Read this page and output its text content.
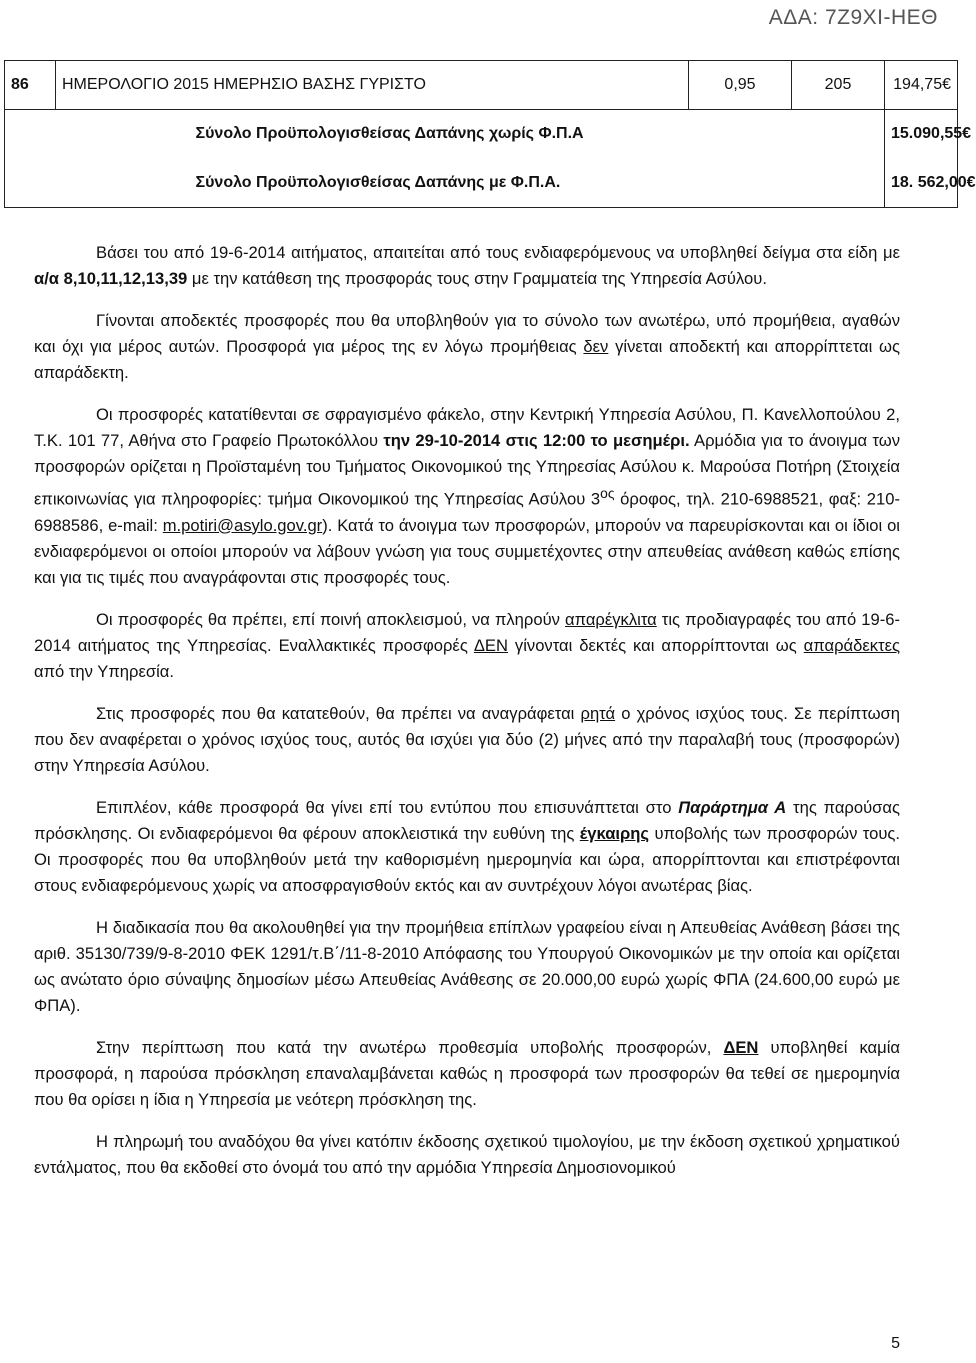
ΑΔΑ: 7Ζ9ΧΙ-ΗΕΘ
86	ΗΜΕΡΟΛΟΓΙΟ 2015 ΗΜΕΡΗΣΙΟ ΒΑΣΗΣ ΓΥΡΙΣΤΟ	0,95	205	194,75€
	Σύνολο Προϋπολογισθείσας Δαπάνης χωρίς Φ.Π.Α			15.090,55€
	Σύνολο Προϋπολογισθείσας Δαπάνης με Φ.Π.Α.			18. 562,00€

Βάσει του από 19-6-2014 αιτήματος, απαιτείται από τους ενδιαφερόμενους να υποβληθεί δείγμα στα είδη με α/α 8,10,11,12,13,39 με την κατάθεση της προσφοράς τους στην Γραμματεία της Υπηρεσία Ασύλου.

Γίνονται αποδεκτές προσφορές που θα υποβληθούν για το σύνολο των ανωτέρω, υπό προμήθεια, αγαθών και όχι για μέρος αυτών. Προσφορά για μέρος της εν λόγω προμήθειας δεν γίνεται αποδεκτή και απορρίπτεται ως απαράδεκτη.

Οι προσφορές κατατίθενται σε σφραγισμένο φάκελο, στην Κεντρική Υπηρεσία Ασύλου, Π. Κανελλοπούλου 2, Τ.Κ. 101 77, Αθήνα στο Γραφείο Πρωτοκόλλου την 29-10-2014 στις 12:00 το μεσημέρι. Αρμόδια για το άνοιγμα των προσφορών ορίζεται η Προϊσταμένη του Τμήματος Οικονομικού της Υπηρεσίας Ασύλου κ. Μαρούσα Ποτήρη (Στοιχεία επικοινωνίας για πληροφορίες: τμήμα Οικονομικού της Υπηρεσίας Ασύλου $3^{o\varsigma}$ όροφος, τηλ. 210-6988521, φαξ: 210-6988586, e-mail: m.potiri@asylo.gov.gr). Κατά το άνοιγμα των προσφορών, μπορούν να παρευρίσκονται και οι ίδιοι οι ενδιαφερόμενοι οι οποίοι μπορούν να λάβουν γνώση για τους συμμετέχοντες στην απευθείας ανάθεση καθώς επίσης και για τις τιμές που αναγράφονται στις προσφορές τους.

Οι προσφορές θα πρέπει, επί ποινή αποκλεισμού, να πληρούν απαρέγκλιτα τις προδιαγραφές του από 19-6-2014 αιτήματος της Υπηρεσίας. Εναλλακτικές προσφορές ΔΕΝ γίνονται δεκτές και απορρίπτονται ως απαράδεκτες από την Υπηρεσία.

Στις προσφορές που θα κατατεθούν, θα πρέπει να αναγράφεται ρητά ο χρόνος ισχύος τους. Σε περίπτωση που δεν αναφέρεται ο χρόνος ισχύος τους, αυτός θα ισχύει για δύο (2) μήνες από την παραλαβή τους (προσφορών) στην Υπηρεσία Ασύλου.

Επιπλέον, κάθε προσφορά θα γίνει επί του εντύπου που επισυνάπτεται στο Παράρτημα Α της παρούσας πρόσκλησης. Οι ενδιαφερόμενοι θα φέρουν αποκλειστικά την ευθύνη της έγκαιρης υποβολής των προσφορών τους. Οι προσφορές που θα υποβληθούν μετά την καθορισμένη ημερομηνία και ώρα, απορρίπτονται και επιστρέφονται στους ενδιαφερόμενους χωρίς να αποσφραγισθούν εκτός και αν συντρέχουν λόγοι ανωτέρας βίας.

Η διαδικασία που θα ακολουθηθεί για την προμήθεια επίπλων γραφείου είναι η Απευθείας Ανάθεση βάσει της αριθ. 35130/739/9-8-2010 ΦΕΚ 1291/τ.Β΄/11-8-2010 Απόφασης του Υπουργού Οικονομικών με την οποία και ορίζεται ως ανώτατο όριο σύναψης δημοσίων μέσω Απευθείας Ανάθεσης σε 20.000,00 ευρώ χωρίς ΦΠΑ (24.600,00 ευρώ με ΦΠΑ).

Στην περίπτωση που κατά την ανωτέρω προθεσμία υποβολής προσφορών, ΔΕΝ υποβληθεί καμία προσφορά, η παρούσα πρόσκληση επαναλαμβάνεται καθώς η προσφορά των προσφορών θα τεθεί σε ημερομηνία που θα ορίσει η ίδια η Υπηρεσία με νεότερη πρόσκληση της.

Η πληρωμή του αναδόχου θα γίνει κατόπιν έκδοσης σχετικού τιμολογίου, με την έκδοση σχετικού χρηματικού εντάλματος, που θα εκδοθεί στο όνομά του από την αρμόδια Υπηρεσία Δημοσιονομικού

5
